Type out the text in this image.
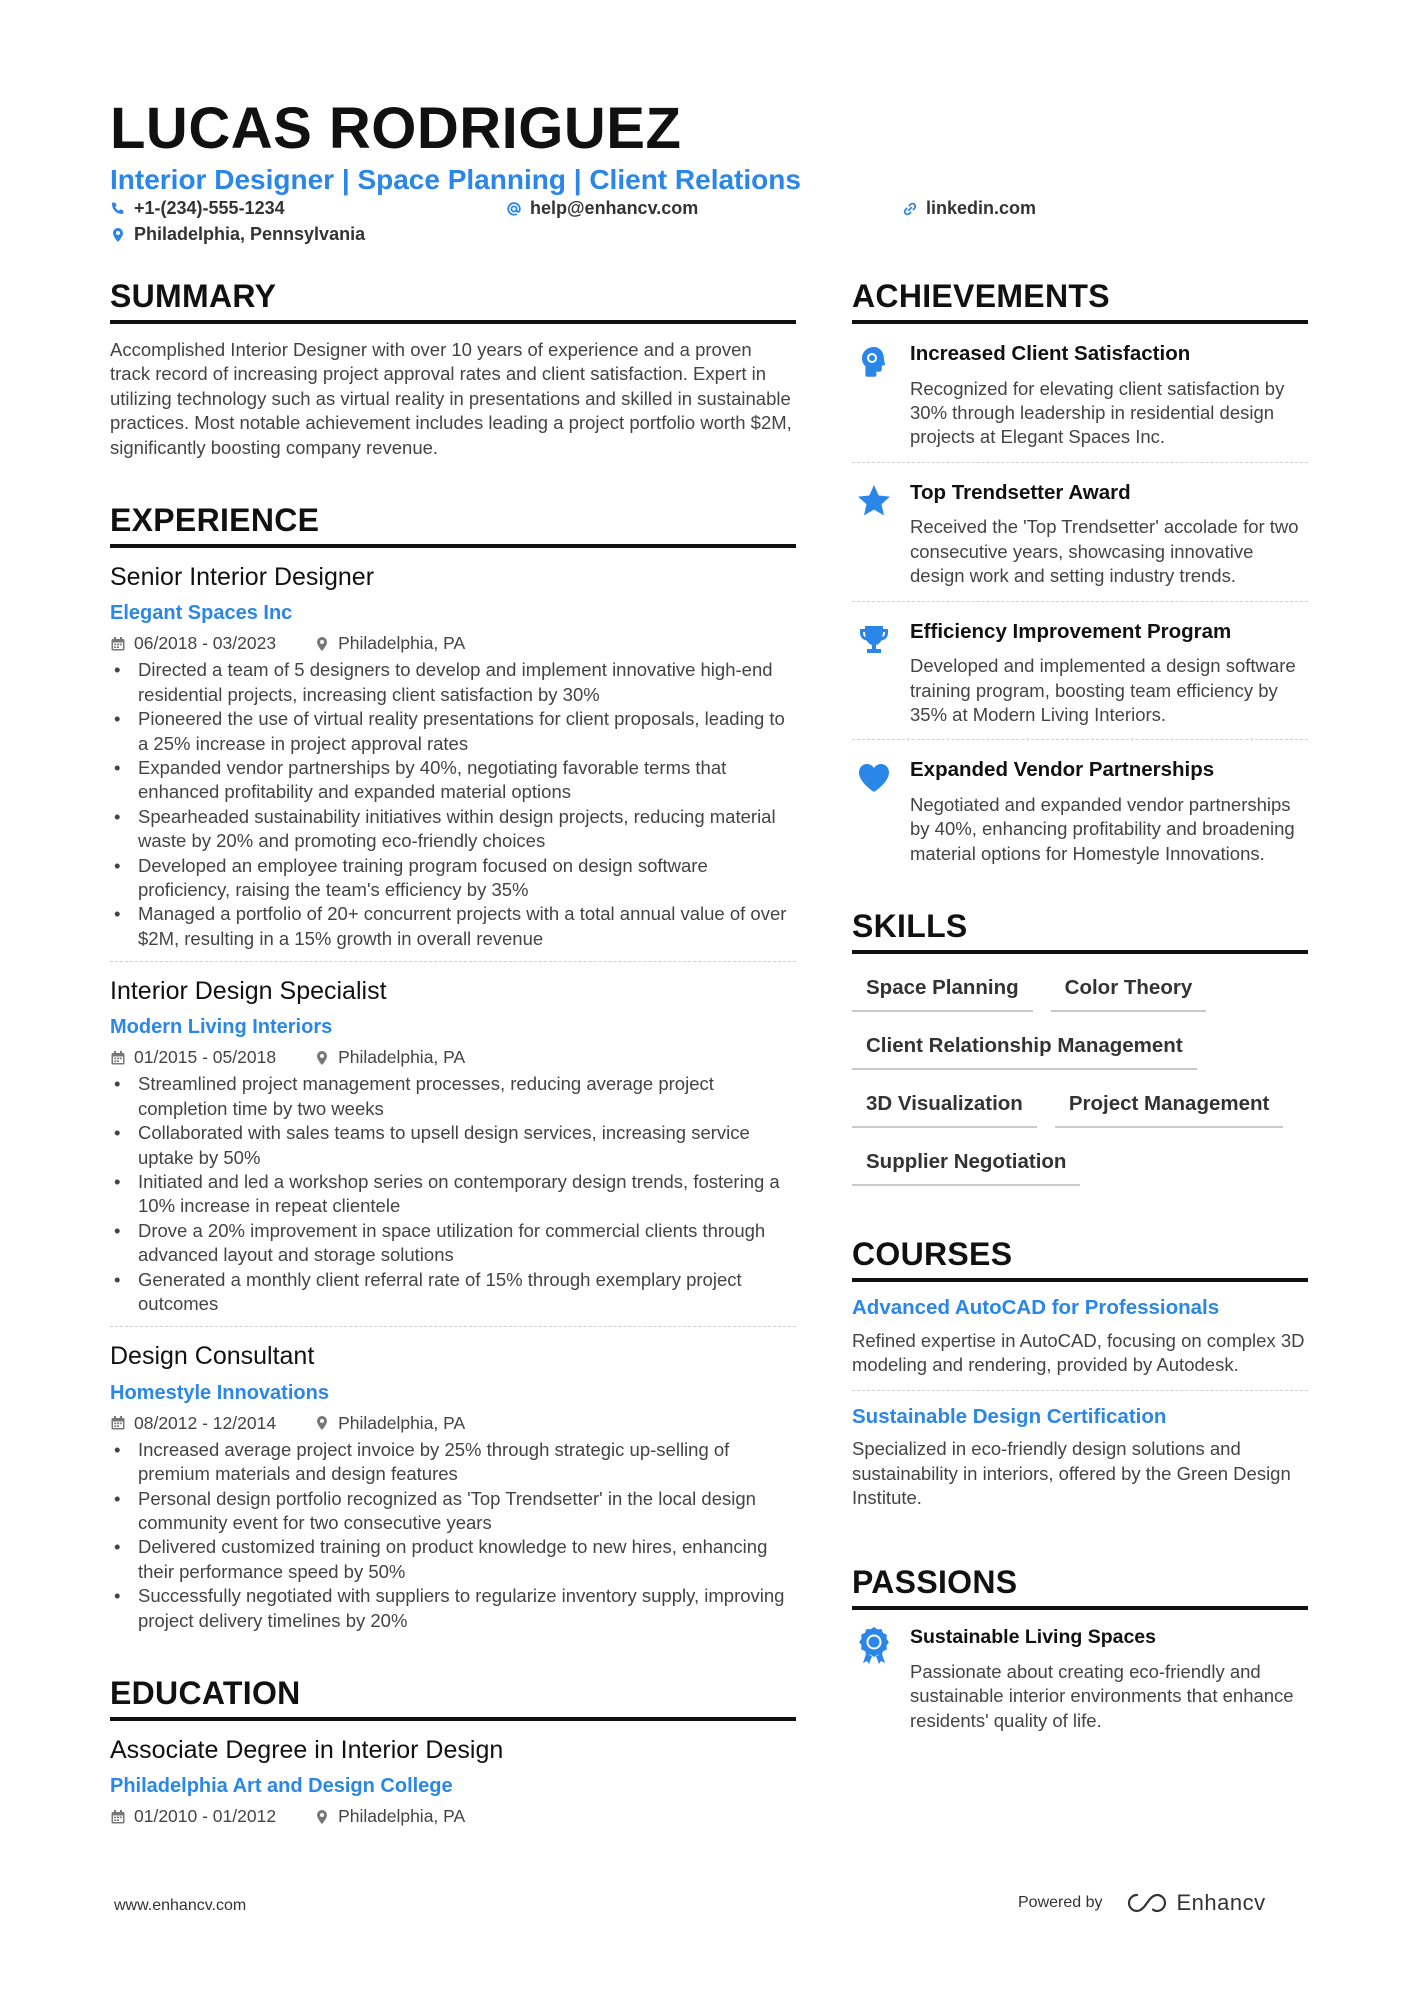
LUCAS RODRIGUEZ
Interior Designer | Space Planning | Client Relations
+1-(234)-555-1234	help@enhancv.com	linkedin.com
Philadelphia, Pennsylvania
SUMMARY

Accomplished Interior Designer with over 10 years of experience and a proven track record of increasing project approval rates and client satisfaction. Expert in utilizing technology such as virtual reality in presentations and skilled in sustainable practices. Most notable achievement includes leading a project portfolio worth $2M, significantly boosting company revenue.

EXPERIENCE
Senior Interior Designer
Elegant Spaces Inc
06/2018 - 03/2023	Philadelphia, PA
• Directed a team of 5 designers to develop and implement innovative high-end residential projects, increasing client satisfaction by 30%
• Pioneered the use of virtual reality presentations for client proposals, leading to a 25% increase in project approval rates
• Expanded vendor partnerships by 40%, negotiating favorable terms that enhanced profitability and expanded material options
• Spearheaded sustainability initiatives within design projects, reducing material waste by 20% and promoting eco-friendly choices
• Developed an employee training program focused on design software proficiency, raising the team's efficiency by 35%
• Managed a portfolio of 20+ concurrent projects with a total annual value of over $2M, resulting in a 15% growth in overall revenue
Interior Design Specialist
Modern Living Interiors
01/2015 - 05/2018	Philadelphia, PA
• Streamlined project management processes, reducing average project completion time by two weeks
• Collaborated with sales teams to upsell design services, increasing service uptake by 50%
• Initiated and led a workshop series on contemporary design trends, fostering a 10% increase in repeat clientele
• Drove a 20% improvement in space utilization for commercial clients through advanced layout and storage solutions
• Generated a monthly client referral rate of 15% through exemplary project outcomes
Design Consultant
Homestyle Innovations
08/2012 - 12/2014	Philadelphia, PA
• Increased average project invoice by 25% through strategic up-selling of premium materials and design features
• Personal design portfolio recognized as 'Top Trendsetter' in the local design community event for two consecutive years
• Delivered customized training on product knowledge to new hires, enhancing their performance speed by 50%
• Successfully negotiated with suppliers to regularize inventory supply, improving project delivery timelines by 20%
EDUCATION
Associate Degree in Interior Design
Philadelphia Art and Design College
01/2010 - 01/2012	Philadelphia, PA
ACHIEVEMENTS
Increased Client Satisfaction
Recognized for elevating client satisfaction by 30% through leadership in residential design projects at Elegant Spaces Inc.
Top Trendsetter Award
Received the 'Top Trendsetter' accolade for two consecutive years, showcasing innovative design work and setting industry trends.
Efficiency Improvement Program
Developed and implemented a design software training program, boosting team efficiency by 35% at Modern Living Interiors.
Expanded Vendor Partnerships
Negotiated and expanded vendor partnerships by 40%, enhancing profitability and broadening material options for Homestyle Innovations.
SKILLS
Space Planning	Color Theory
Client Relationship Management
3D Visualization	Project Management
Supplier Negotiation
COURSES
Advanced AutoCAD for Professionals
Refined expertise in AutoCAD, focusing on complex 3D modeling and rendering, provided by Autodesk.
Sustainable Design Certification
Specialized in eco-friendly design solutions and sustainability in interiors, offered by the Green Design Institute.
PASSIONS
Sustainable Living Spaces
Passionate about creating eco-friendly and sustainable interior environments that enhance residents' quality of life.
www.enhancv.com	Powered by	Enhancv
